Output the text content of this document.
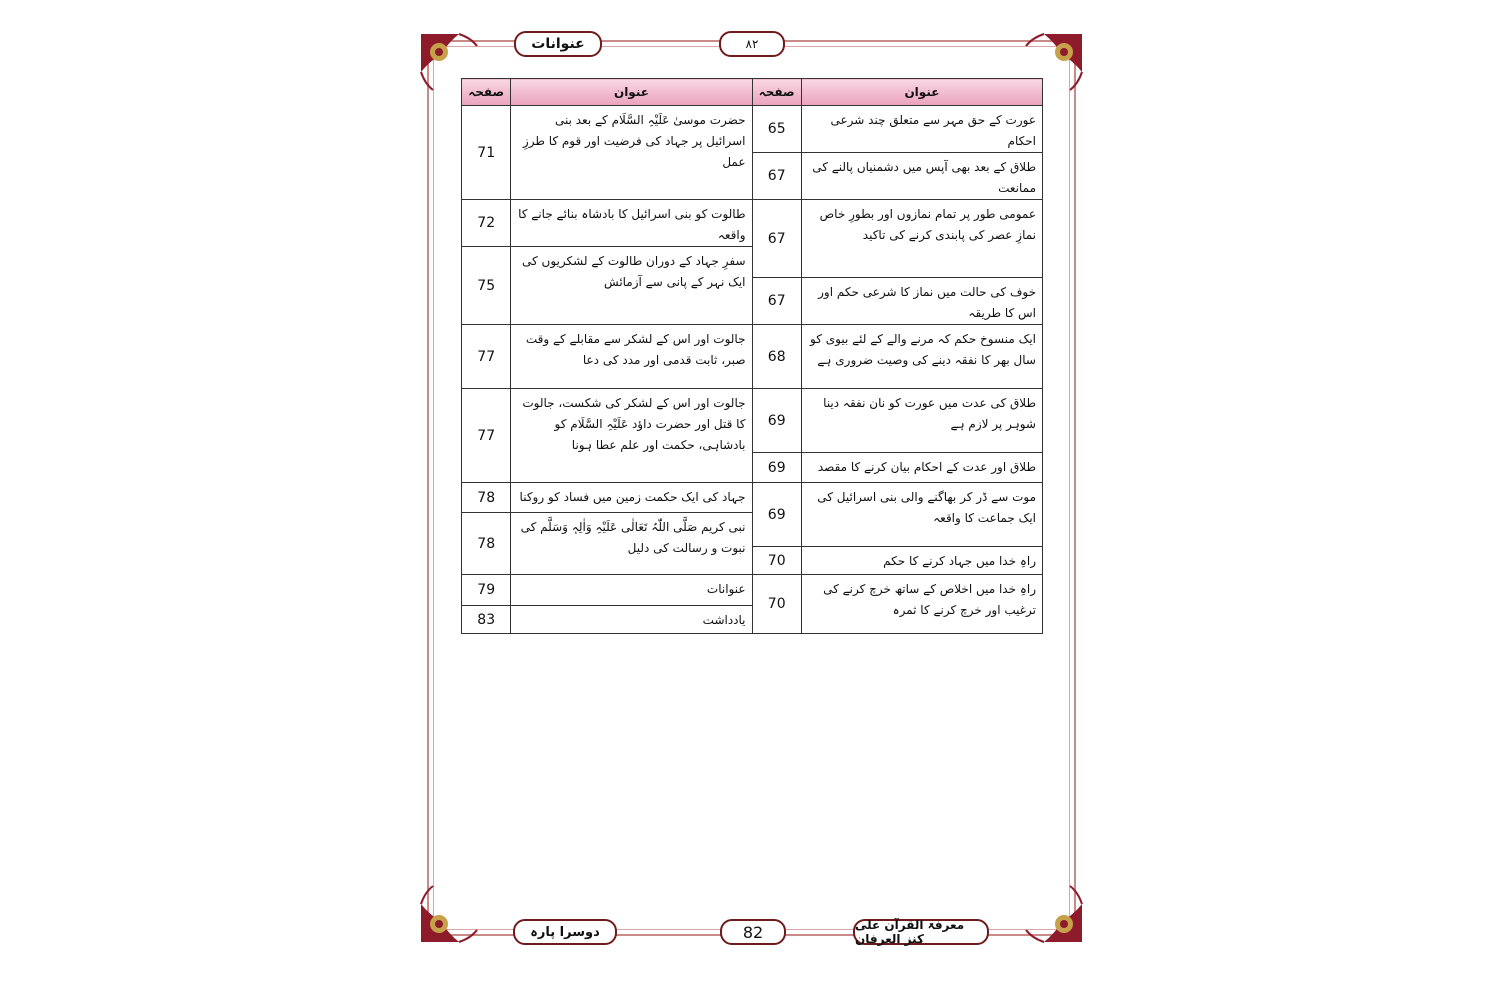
عنوانات	۸۲
عنوان	صفحہ	عنوان	صفحہ
عورت کے حق مہر سے متعلق چند شرعی احکام	65	حضرت موسیٰ عَلَیْہِ السَّلَام کے بعد بنی اسرائیل پر جہاد کی فرضیت اور قوم کا طرزِ عمل	71
طلاق کے بعد بھی آپس میں دشمنیاں پالنے کی ممانعت	67		
عمومی طور پر تمام نمازوں اور بطورِ خاص نمازِ عصر کی پابندی کرنے کی تاکید	67	طالوت کو بنی اسرائیل کا بادشاہ بنائے جانے کا واقعہ	72
		سفرِ جہاد کے دوران طالوت کے لشکریوں کی ایک نہر کے پانی سے آزمائش	75
خوف کی حالت میں نماز کا شرعی حکم اور اس کا طریقہ	67		
ایک منسوخ حکم کہ مرنے والے کے لئے بیوی کو سال بھر کا نفقہ دینے کی وصیت ضروری ہے	68	جالوت اور اس کے لشکر سے مقابلے کے وقت صبر، ثابت قدمی اور مدد کی دعا	77
طلاق کی عدت میں عورت کو نان نفقہ دینا شوہر پر لازم ہے	69	جالوت اور اس کے لشکر کی شکست، جالوت کا قتل اور حضرت داؤد عَلَیْہِ السَّلَام کو بادشاہی، حکمت اور علم عطا ہونا	77
طلاق اور عدت کے احکام بیان کرنے کا مقصد	69		
موت سے ڈر کر بھاگنے والی بنی اسرائیل کی ایک جماعت کا واقعہ	69	جہاد کی ایک حکمت زمین میں فساد کو روکنا	78
		نبی کریم صَلَّی اللّٰہُ تَعَالٰی عَلَیْہِ وَاٰلِہٖ وَسَلَّم کی نبوت و رسالت کی دلیل	78
راہِ خدا میں جہاد کرنے کا حکم	70		
راہِ خدا میں اخلاص کے ساتھ خرچ کرنے کی ترغیب اور خرچ کرنے کا ثمرہ	70	عنوانات	79
		یادداشت	83
دوسرا پارہ	82	معرفۃ القرآن علی کنز العرفان
